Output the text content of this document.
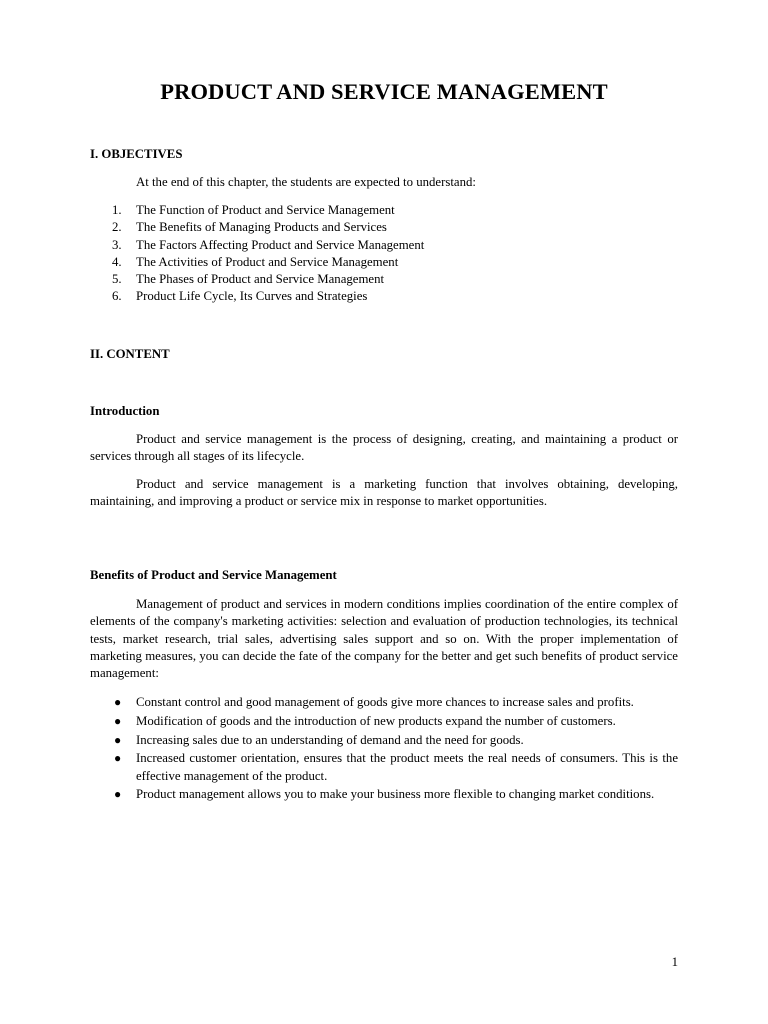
PRODUCT AND SERVICE MANAGEMENT
I. OBJECTIVES
At the end of this chapter, the students are expected to understand:
1. The Function of Product and Service Management
2. The Benefits of Managing Products and Services
3. The Factors Affecting Product and Service Management
4. The Activities of Product and Service Management
5. The Phases of Product and Service Management
6. Product Life Cycle, Its Curves and Strategies
II. CONTENT
Introduction
Product and service management is the process of designing, creating, and maintaining a product or services through all stages of its lifecycle.
Product and service management is a marketing function that involves obtaining, developing, maintaining, and improving a product or service mix in response to market opportunities.
Benefits of Product and Service Management
Management of product and services in modern conditions implies coordination of the entire complex of elements of the company's marketing activities: selection and evaluation of production technologies, its technical tests, market research, trial sales, advertising sales support and so on. With the proper implementation of marketing measures, you can decide the fate of the company for the better and get such benefits of product service management:
● Constant control and good management of goods give more chances to increase sales and profits.
● Modification of goods and the introduction of new products expand the number of customers.
● Increasing sales due to an understanding of demand and the need for goods.
● Increased customer orientation, ensures that the product meets the real needs of consumers. This is the effective management of the product.
● Product management allows you to make your business more flexible to changing market conditions.
1
